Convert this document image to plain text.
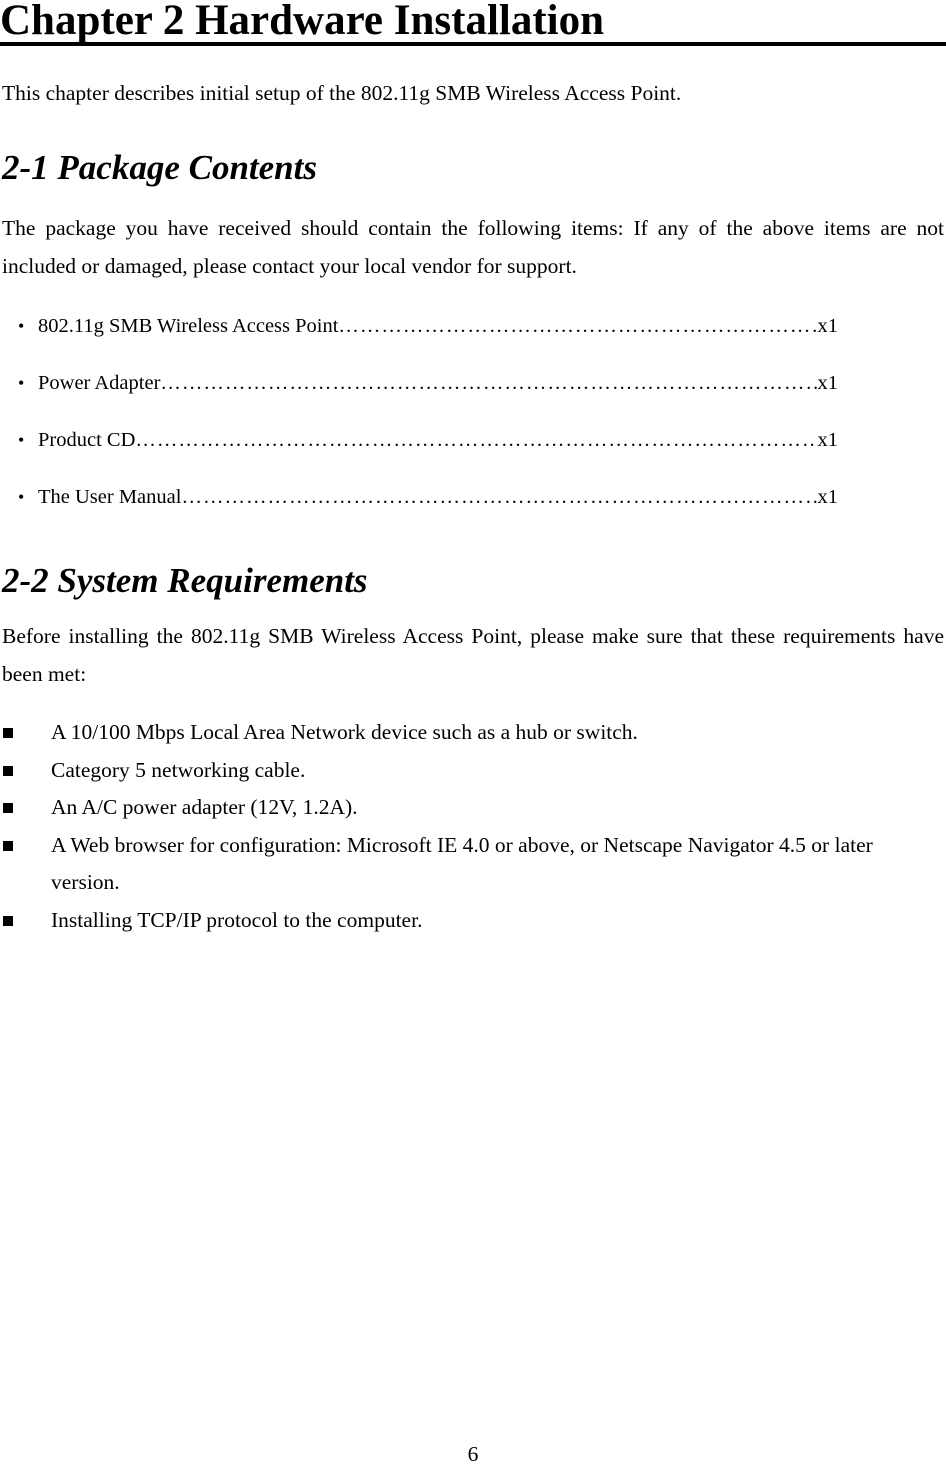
Chapter 2 Hardware Installation

This chapter describes initial setup of the 802.11g SMB Wireless Access Point.

2-1 Package Contents

The package you have received should contain the following items: If any of the above items are not included or damaged, please contact your local vendor for support.

• 802.11g SMB Wireless Access Point ……………………………………………………………………………………………………………………	x1
• Power Adapter ……………………………………………………………………………………………………………………	x1
• Product CD ……………………………………………………………………………………………………………………	x1
• The User Manual ……………………………………………………………………………………………………………………	x1
2-2 System Requirements

Before installing the 802.11g SMB Wireless Access Point, please make sure that these requirements have been met:

A 10/100 Mbps Local Area Network device such as a hub or switch.
Category 5 networking cable.
An A/C power adapter (12V, 1.2A).
A Web browser for configuration: Microsoft IE 4.0 or above, or Netscape Navigator 4.5 or later version.
Installing TCP/IP protocol to the computer.

6
